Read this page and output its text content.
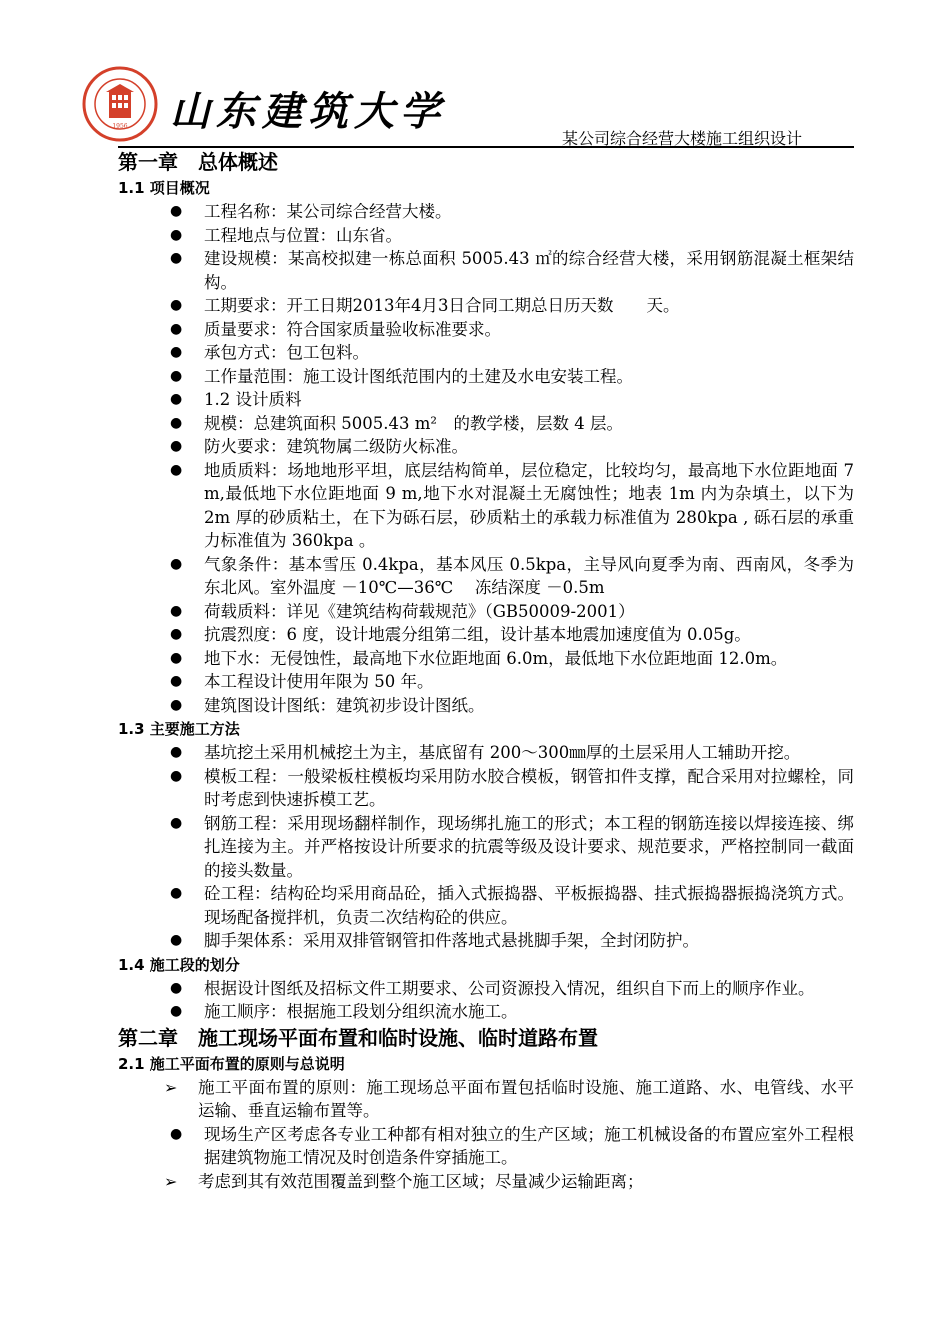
1956 山东建筑大学
某公司综合经营大楼施工组织设计
第一章　总体概述
1.1 项目概况
● 工程名称：某公司综合经营大楼。
● 工程地点与位置：山东省。
● 建设规模：某高校拟建一栋总面积 5005.43 ㎡的综合经营大楼，采用钢筋混凝土框架结构。
● 工期要求：开工日期2013年4月3日合同工期总日历天数　　天。
● 质量要求：符合国家质量验收标准要求。
● 承包方式：包工包料。
● 工作量范围：施工设计图纸范围内的土建及水电安装工程。
● 1.2 设计质料
● 规模：总建筑面积 5005.43 m²　的教学楼，层数 4 层。
● 防火要求：建筑物属二级防火标准。
● 地质质料：场地地形平坦，底层结构简单，层位稳定，比较均匀，最高地下水位距地面 7 m,最低地下水位距地面 9 m,地下水对混凝土无腐蚀性；地表 1m 内为杂填土，以下为 2m 厚的砂质粘土，在下为砾石层，砂质粘土的承载力标准值为 280kpa , 砾石层的承重力标准值为 360kpa 。
● 气象条件：基本雪压 0.4kpa，基本风压 0.5kpa，主导风向夏季为南、西南风，冬季为东北风。室外温度 －10℃—36℃　 冻结深度 －0.5m
● 荷载质料：详见《建筑结构荷载规范》（GB50009-2001）
● 抗震烈度：6 度，设计地震分组第二组，设计基本地震加速度值为 0.05g。
● 地下水：无侵蚀性，最高地下水位距地面 6.0m，最低地下水位距地面 12.0m。
● 本工程设计使用年限为 50 年。
● 建筑图设计图纸：建筑初步设计图纸。
1.3 主要施工方法
● 基坑挖土采用机械挖土为主，基底留有 200～300㎜厚的土层采用人工辅助开挖。
● 模板工程：一般梁板柱模板均采用防水胶合模板，钢管扣件支撑，配合采用对拉螺栓，同时考虑到快速拆模工艺。
● 钢筋工程：采用现场翻样制作，现场绑扎施工的形式；本工程的钢筋连接以焊接连接、绑扎连接为主。并严格按设计所要求的抗震等级及设计要求、规范要求，严格控制同一截面的接头数量。
● 砼工程：结构砼均采用商品砼，插入式振捣器、平板振捣器、挂式振捣器振捣浇筑方式。现场配备搅拌机，负责二次结构砼的供应。
● 脚手架体系：采用双排管钢管扣件落地式悬挑脚手架，全封闭防护。
1.4 施工段的划分
● 根据设计图纸及招标文件工期要求、公司资源投入情况，组织自下而上的顺序作业。
● 施工顺序：根据施工段划分组织流水施工。
第二章　施工现场平面布置和临时设施、临时道路布置
2.1 施工平面布置的原则与总说明
➢ 施工平面布置的原则：施工现场总平面布置包括临时设施、施工道路、水、电管线、水平运输、垂直运输布置等。
● 现场生产区考虑各专业工种都有相对独立的生产区域；施工机械设备的布置应室外工程根据建筑物施工情况及时创造条件穿插施工。
➢ 考虑到其有效范围覆盖到整个施工区域；尽量减少运输距离；
